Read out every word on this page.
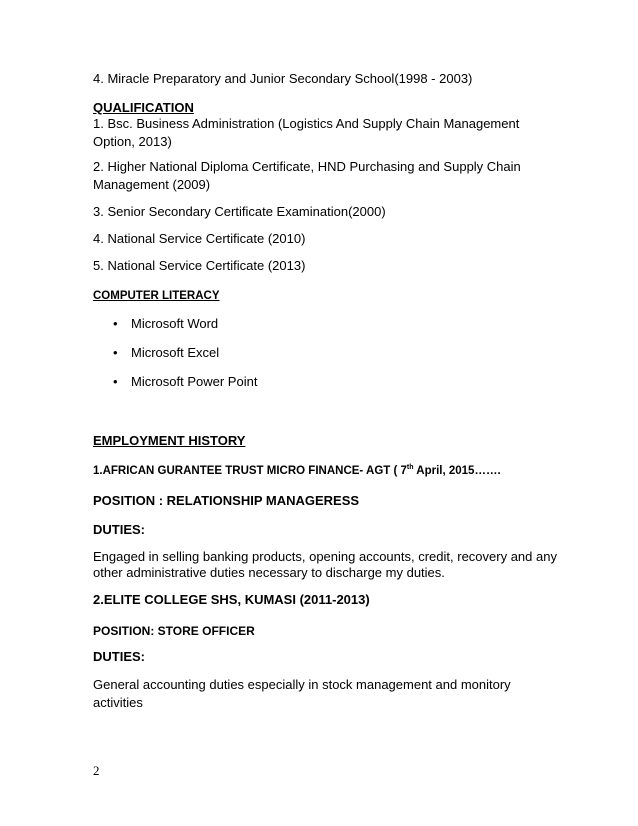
4. Miracle Preparatory and Junior Secondary School(1998 - 2003)
QUALIFICATION
1. Bsc. Business Administration (Logistics And Supply Chain Management
Option, 2013)
2. Higher National Diploma Certificate, HND Purchasing and Supply Chain
Management (2009)
3. Senior Secondary Certificate Examination(2000)
4. National Service Certificate (2010)
5. National Service Certificate (2013)
COMPUTER LITERACY
• Microsoft Word
• Microsoft Excel
• Microsoft Power Point
EMPLOYMENT HISTORY
1.AFRICAN GURANTEE TRUST MICRO FINANCE- AGT ( 7th April, 2015…….
POSITION : RELATIONSHIP MANAGERESS
DUTIES:
Engaged in selling banking products, opening accounts, credit, recovery and any
other administrative duties necessary to discharge my duties.
2.ELITE COLLEGE SHS, KUMASI (2011-2013)
POSITION: STORE OFFICER
DUTIES:
General accounting duties especially in stock management and monitory
activities
2
